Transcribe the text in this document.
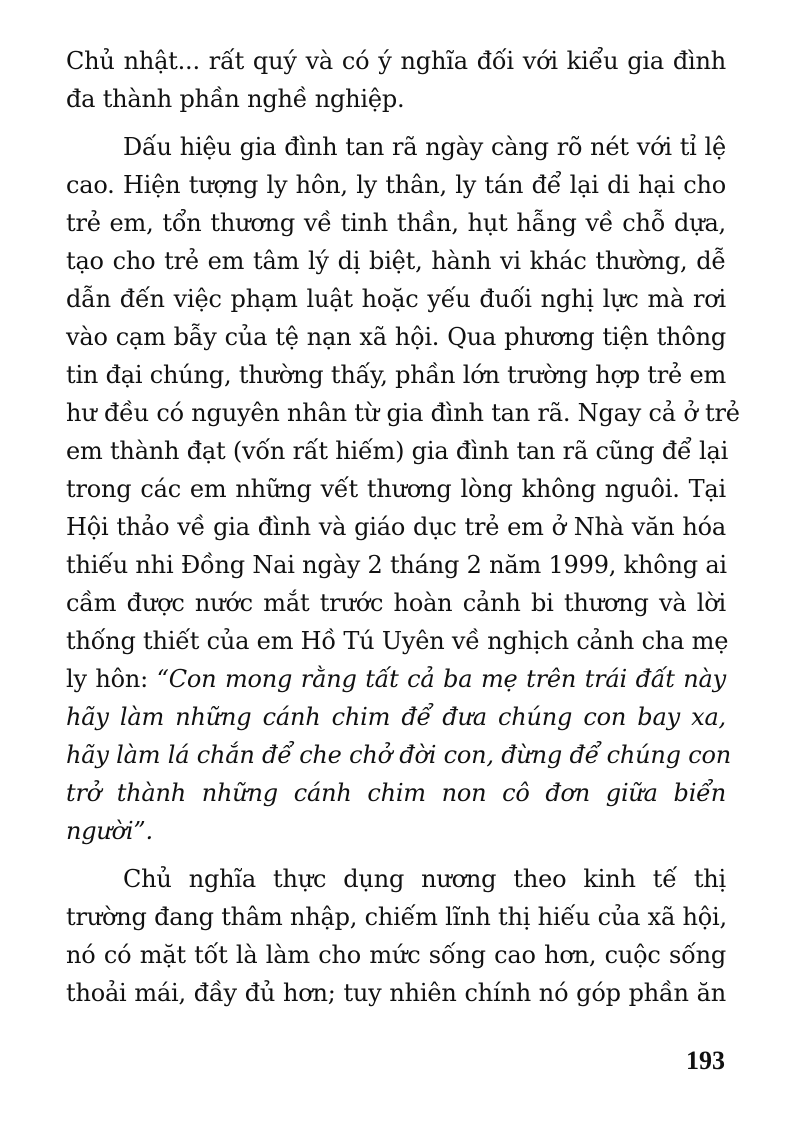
Chủ nhật... rất quý và có ý nghĩa đối với kiểu gia đình
đa thành phần nghề nghiệp.
Dấu hiệu gia đình tan rã ngày càng rõ nét với tỉ lệ
cao. Hiện tượng ly hôn, ly thân, ly tán để lại di hại cho
trẻ em, tổn thương về tinh thần, hụt hẫng về chỗ dựa,
tạo cho trẻ em tâm lý dị biệt, hành vi khác thường, dễ
dẫn đến việc phạm luật hoặc yếu đuối nghị lực mà rơi
vào cạm bẫy của tệ nạn xã hội. Qua phương tiện thông
tin đại chúng, thường thấy, phần lớn trường hợp trẻ em
hư đều có nguyên nhân từ gia đình tan rã. Ngay cả ở trẻ
em thành đạt (vốn rất hiếm) gia đình tan rã cũng để lại
trong các em những vết thương lòng không nguôi. Tại
Hội thảo về gia đình và giáo dục trẻ em ở Nhà văn hóa
thiếu nhi Đồng Nai ngày 2 tháng 2 năm 1999, không ai
cầm được nước mắt trước hoàn cảnh bi thương và lời
thống thiết của em Hồ Tú Uyên về nghịch cảnh cha mẹ
ly hôn: “Con mong rằng tất cả ba mẹ trên trái đất này
hãy làm những cánh chim để đưa chúng con bay xa,
hãy làm lá chắn để che chở đời con, đừng để chúng con
trở thành những cánh chim non cô đơn giữa biển
người”.
Chủ nghĩa thực dụng nương theo kinh tế thị
trường đang thâm nhập, chiếm lĩnh thị hiếu của xã hội,
nó có mặt tốt là làm cho mức sống cao hơn, cuộc sống
thoải mái, đầy đủ hơn; tuy nhiên chính nó góp phần ăn
193
